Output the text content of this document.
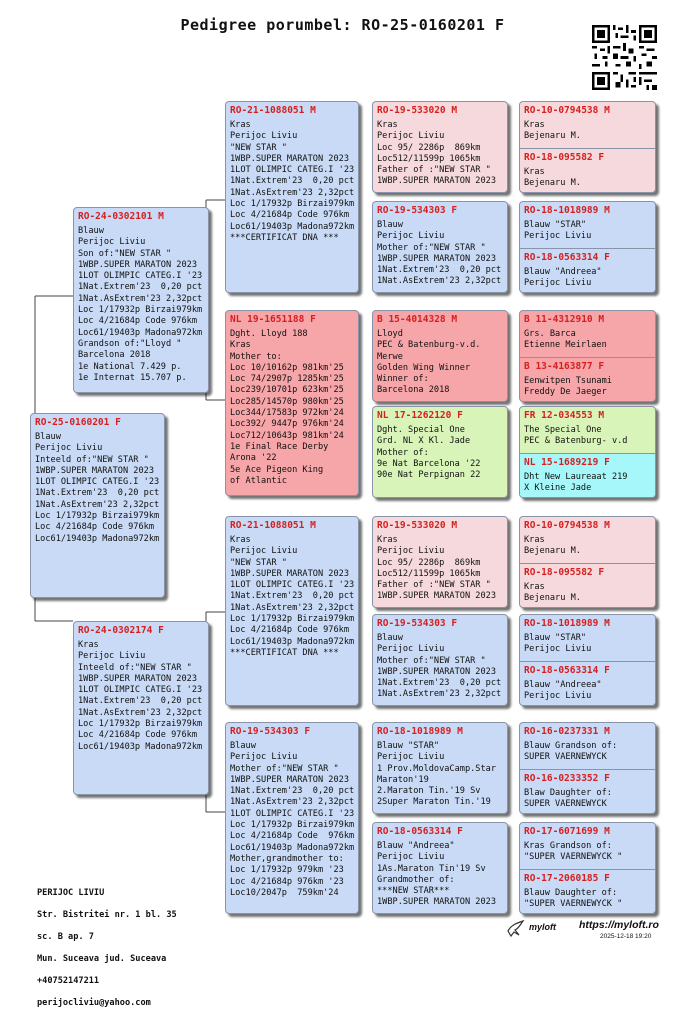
Pedigree porumbel: RO-25-0160201 F
RO-25-0160201 F
Blauw
Perijoc Liviu
Inteeld of:"NEW STAR "
1WBP.SUPER MARATON 2023
1LOT OLIMPIC CATEG.I '23
1Nat.Extrem'23  0,20 pct
1Nat.AsExtrem'23 2,32pct
Loc 1/17932p Birzai979km
Loc 4/21684p Code 976km
Loc61/19403p Madona972km
RO-24-0302101 M
Blauw
Perijoc Liviu
Son of:"NEW STAR "
1WBP.SUPER MARATON 2023
1LOT OLIMPIC CATEG.I '23
1Nat.Extrem'23  0,20 pct
1Nat.AsExtrem'23 2,32pct
Loc 1/17932p Birzai979km
Loc 4/21684p Code 976km
Loc61/19403p Madona972km
Grandson of:"Lloyd "
Barcelona 2018
1e National 7.429 p.
1e Internat 15.707 p.
RO-24-0302174 F
Kras
Perijoc Liviu
Inteeld of:"NEW STAR "
1WBP.SUPER MARATON 2023
1LOT OLIMPIC CATEG.I '23
1Nat.Extrem'23  0,20 pct
1Nat.AsExtrem'23 2,32pct
Loc 1/17932p Birzai979km
Loc 4/21684p Code 976km
Loc61/19403p Madona972km
RO-21-1088051 M
Kras
Perijoc Liviu
"NEW STAR "
1WBP.SUPER MARATON 2023
1LOT OLIMPIC CATEG.I '23
1Nat.Extrem'23  0,20 pct
1Nat.AsExtrem'23 2,32pct
Loc 1/17932p Birzai979km
Loc 4/21684p Code 976km
Loc61/19403p Madona972km
***CERTIFICAT DNA ***
NL 19-1651188 F
Dght. Lloyd 188
Kras
Mother to:
Loc 10/10162p 981km'25
Loc 74/2907p 1285km'25
Loc239/10701p 623km'25
Loc285/14570p 980km'25
Loc344/17583p 972km'24
Loc392/ 9447p 976km'24
Loc712/10643p 981km'24
1e Final Race Derby
Arona '22
5e Ace Pigeon King
of Atlantic
RO-21-1088051 M
Kras
Perijoc Liviu
"NEW STAR "
1WBP.SUPER MARATON 2023
1LOT OLIMPIC CATEG.I '23
1Nat.Extrem'23  0,20 pct
1Nat.AsExtrem'23 2,32pct
Loc 1/17932p Birzai979km
Loc 4/21684p Code 976km
Loc61/19403p Madona972km
***CERTIFICAT DNA ***
RO-19-534303 F
Blauw
Perijoc Liviu
Mother of:"NEW STAR "
1WBP.SUPER MARATON 2023
1Nat.Extrem'23  0,20 pct
1Nat.AsExtrem'23 2,32pct
1LOT OLIMPIC CATEG.I '23
Loc 1/17932p Birzai979km
Loc 4/21684p Code  976km
Loc61/19403p Madona972km
Mother,grandmother to:
Loc 1/17932p 979km '23
Loc 4/21684p 976km '23
Loc10/2047p  759km'24
RO-19-533020 M
Kras
Perijoc Liviu
Loc 95/ 2286p  869km
Loc512/11599p 1065km
Father of :"NEW STAR "
1WBP.SUPER MARATON 2023
RO-19-534303 F
Blauw
Perijoc Liviu
Mother of:"NEW STAR "
1WBP.SUPER MARATON 2023
1Nat.Extrem'23  0,20 pct
1Nat.AsExtrem'23 2,32pct
B 15-4014328 M
Lloyd
PEC & Batenburg-v.d.
Merwe
Golden Wing Winner
Winner of:
Barcelona 2018
NL 17-1262120 F
Dght. Special One
Grd. NL X Kl. Jade
Mother of:
9e Nat Barcelona '22
90e Nat Perpignan 22
RO-19-533020 M
Kras
Perijoc Liviu
Loc 95/ 2286p  869km
Loc512/11599p 1065km
Father of :"NEW STAR "
1WBP.SUPER MARATON 2023
RO-19-534303 F
Blauw
Perijoc Liviu
Mother of:"NEW STAR "
1WBP.SUPER MARATON 2023
1Nat.Extrem'23  0,20 pct
1Nat.AsExtrem'23 2,32pct
RO-18-1018989 M
Blauw "STAR"
Perijoc Liviu
1 Prov.MoldovaCamp.Star
Maraton'19
2.Maraton Tin.'19 Sv
2Super Maraton Tin.'19
RO-18-0563314 F
Blauw "Andreea"
Perijoc Liviu
1As.Maraton Tin'19 Sv
Grandmother of:
***NEW STAR***
1WBP.SUPER MARATON 2023
RO-10-0794538 M
Kras
Bejenaru M.
RO-18-095582 F
Kras
Bejenaru M.
RO-18-1018989 M
Blauw "STAR"
Perijoc Liviu
RO-18-0563314 F
Blauw "Andreea"
Perijoc Liviu
B 11-4312910 M
Grs. Barca
Etienne Meirlaen
B 13-4163877 F
Eenwitpen Tsunami
Freddy De Jaeger
FR 12-034553 M
The Special One
PEC & Batenburg- v.d
NL 15-1689219 F
Dht New Laureaat 219
X Kleine Jade
RO-10-0794538 M
Kras
Bejenaru M.
RO-18-095582 F
Kras
Bejenaru M.
RO-18-1018989 M
Blauw "STAR"
Perijoc Liviu
RO-18-0563314 F
Blauw "Andreea"
Perijoc Liviu
RO-16-0237331 M
Blauw Grandson of:
SUPER VAERNEWYCK
RO-16-0233352 F
Blaw Daughter of:
SUPER VAERNEWYCK
RO-17-6071699 M
Kras Grandson of:
"SUPER VAERNEWYCK "
RO-17-2060185 F
Blauw Daughter of:
"SUPER VAERNEWYCK "

PERIJOC LIVIU

Str. Bistritei nr. 1 bl. 35

sc. B ap. 7

Mun. Suceava jud. Suceava

+40752147211

perijocliviu@yahoo.com

myloft https://myloft.ro
2025-12-18 19:20
